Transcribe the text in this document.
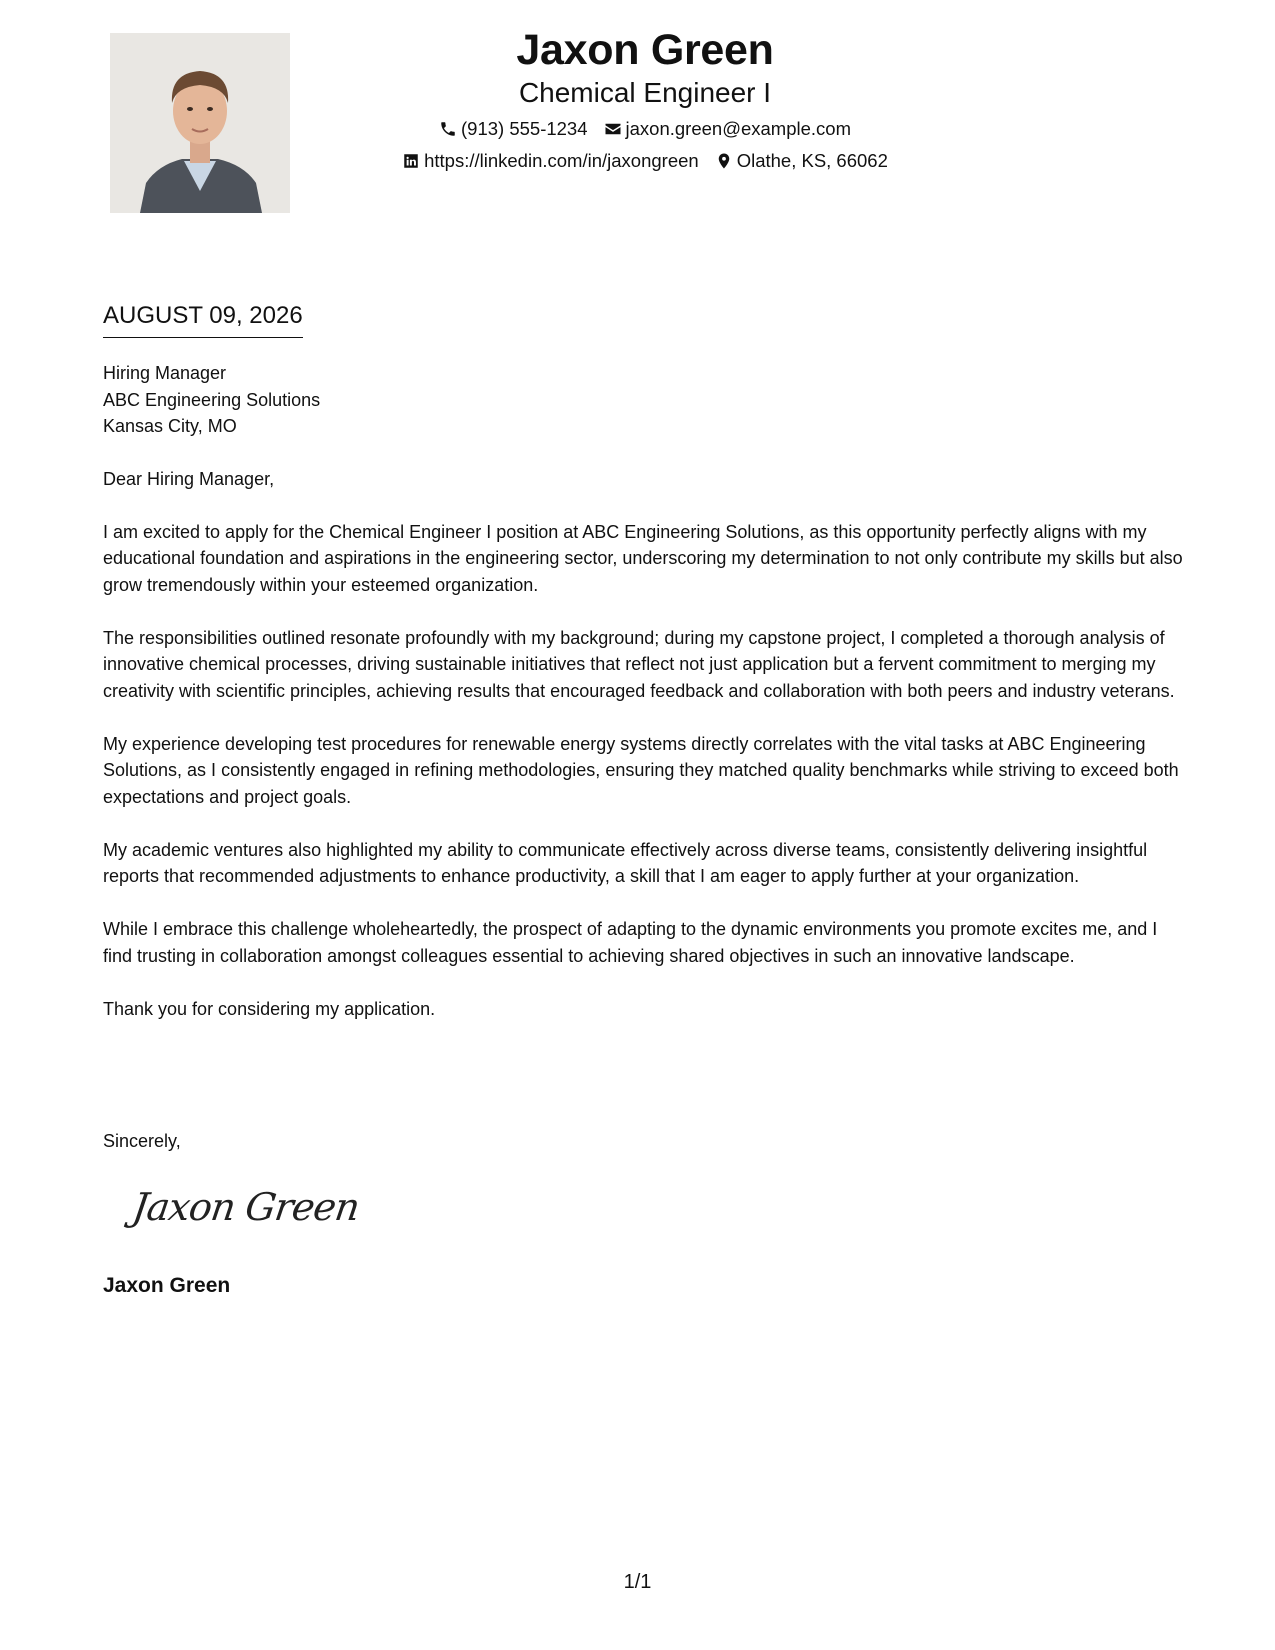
Jaxon Green
Chemical Engineer I
(913) 555-1234 jaxon.green@example.com
https://linkedin.com/in/jaxongreen Olathe, KS, 66062
AUGUST 09, 2026
Hiring Manager
ABC Engineering Solutions
Kansas City, MO

Dear Hiring Manager,

I am excited to apply for the Chemical Engineer I position at ABC Engineering Solutions, as this opportunity perfectly aligns with my educational foundation and aspirations in the engineering sector, underscoring my determination to not only contribute my skills but also grow tremendously within your esteemed organization.

The responsibilities outlined resonate profoundly with my background; during my capstone project, I completed a thorough analysis of innovative chemical processes, driving sustainable initiatives that reflect not just application but a fervent commitment to merging my creativity with scientific principles, achieving results that encouraged feedback and collaboration with both peers and industry veterans.

My experience developing test procedures for renewable energy systems directly correlates with the vital tasks at ABC Engineering Solutions, as I consistently engaged in refining methodologies, ensuring they matched quality benchmarks while striving to exceed both expectations and project goals.

My academic ventures also highlighted my ability to communicate effectively across diverse teams, consistently delivering insightful reports that recommended adjustments to enhance productivity, a skill that I am eager to apply further at your organization.

While I embrace this challenge wholeheartedly, the prospect of adapting to the dynamic environments you promote excites me, and I find trusting in collaboration amongst colleagues essential to achieving shared objectives in such an innovative landscape.

Thank you for considering my application.

Sincerely,
Jaxon Green
Jaxon Green
1/1
